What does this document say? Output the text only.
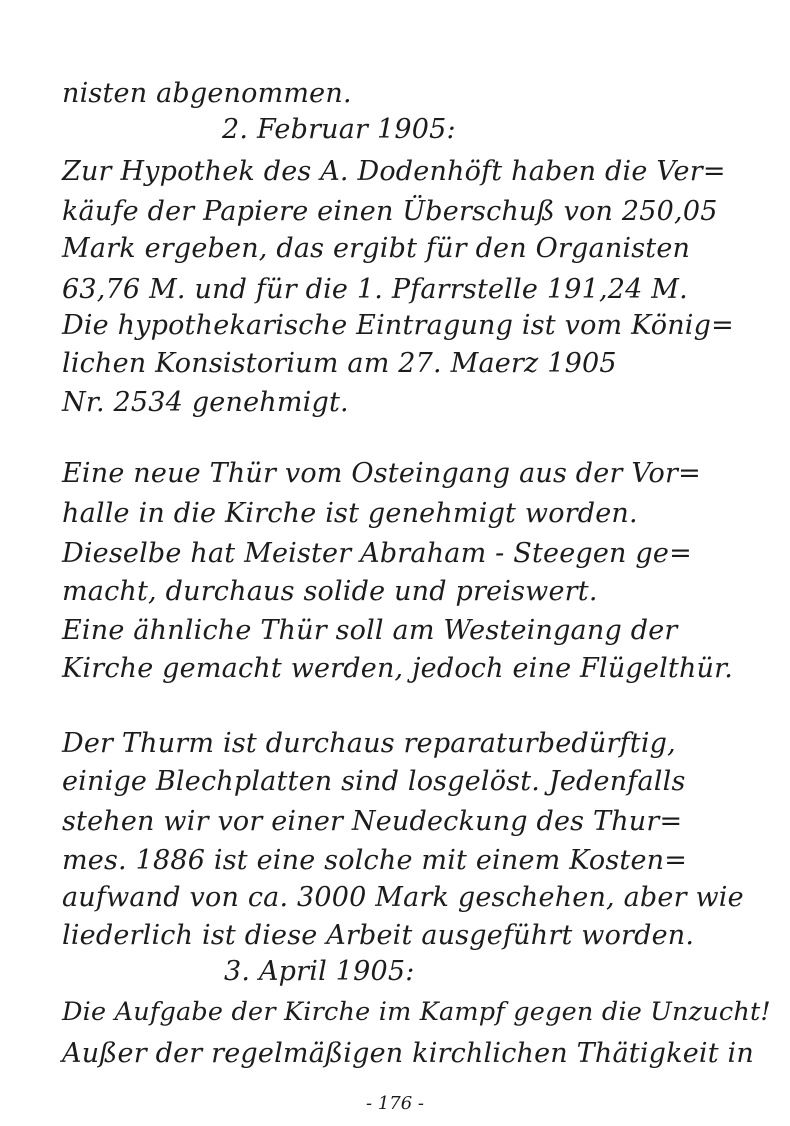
nisten abgenommen.
2. Februar 1905:
Zur Hypothek des A. Dodenhöft haben die Ver=
käufe der Papiere einen Überschuß von 250,05
Mark ergeben, das ergibt für den Organisten
63,76 M. und für die 1. Pfarrstelle 191,24 M.
Die hypothekarische Eintragung ist vom König=
lichen Konsistorium am 27. Maerz 1905
Nr. 2534 genehmigt.
Eine neue Thür vom Osteingang aus der Vor=
halle in die Kirche ist genehmigt worden.
Dieselbe hat Meister Abraham - Steegen ge=
macht, durchaus solide und preiswert.
Eine ähnliche Thür soll am Westeingang der
Kirche gemacht werden, jedoch eine Flügelthür.
Der Thurm ist durchaus reparaturbedürftig,
einige Blechplatten sind losgelöst. Jedenfalls
stehen wir vor einer Neudeckung des Thur=
mes. 1886 ist eine solche mit einem Kosten=
aufwand von ca. 3000 Mark geschehen, aber wie
liederlich ist diese Arbeit ausgeführt worden.
3. April 1905:
Die Aufgabe der Kirche im Kampf gegen die Unzucht!
Außer der regelmäßigen kirchlichen Thätigkeit in
- 176 -
